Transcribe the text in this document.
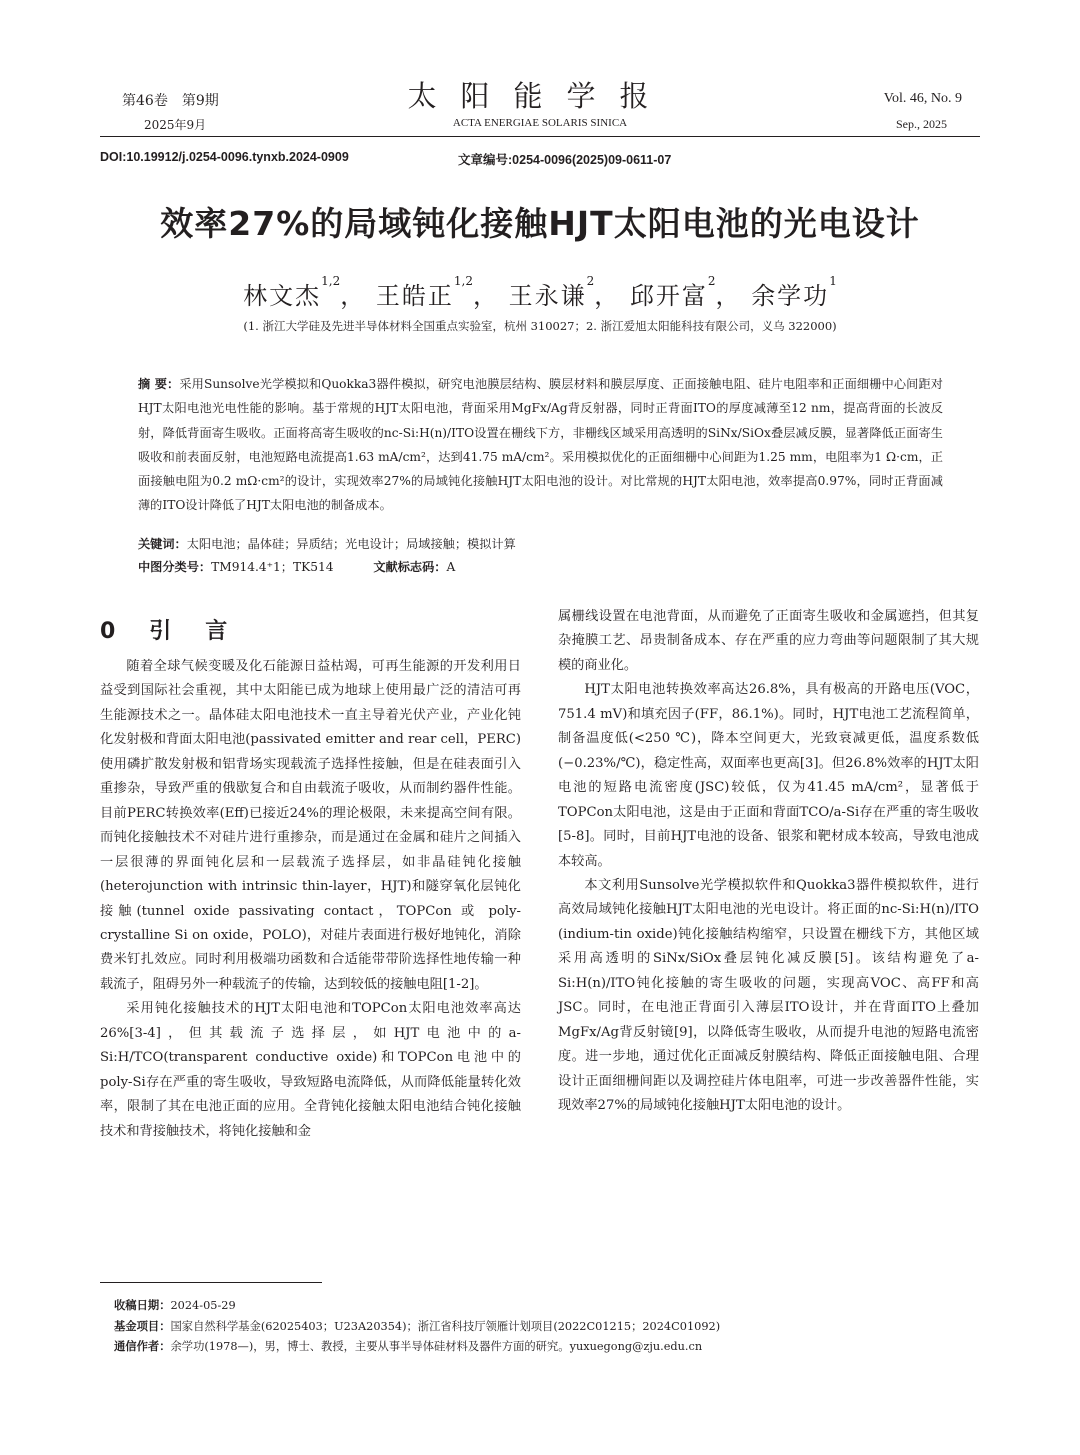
第46卷　第9期
2025年9月
太阳能学报
ACTA ENERGIAE SOLARIS SINICA
Vol. 46, No. 9
Sep., 2025
DOI:10.19912/j.0254-0096.tynxb.2024-0909	文章编号:0254-0096(2025)09-0611-07
效率27%的局域钝化接触HJT太阳电池的光电设计
林文杰$^{1,2}$， 王皓正$^{1,2}$， 王永谦$^2$， 邱开富$^2$， 余学功$^1$
(1. 浙江大学硅及先进半导体材料全国重点实验室，杭州 310027；2. 浙江爱旭太阳能科技有限公司，义乌 322000)
摘 要：采用Sunsolve光学模拟和Quokka3器件模拟，研究电池膜层结构、膜层材料和膜层厚度、正面接触电阻、硅片电阻率和正面细栅中心间距对HJT太阳电池光电性能的影响。基于常规的HJT太阳电池，背面采用MgFx/Ag背反射器，同时正背面ITO的厚度减薄至12 nm，提高背面的长波反射，降低背面寄生吸收。正面将高寄生吸收的nc-Si:H(n)/ITO设置在栅线下方，非栅线区域采用高透明的SiNx/SiOx叠层减反膜，显著降低正面寄生吸收和前表面反射，电池短路电流提高1.63 mA/cm²，达到41.75 mA/cm²。采用模拟优化的正面细栅中心间距为1.25 mm，电阻率为1 Ω·cm，正面接触电阻为0.2 mΩ·cm²的设计，实现效率27%的局域钝化接触HJT太阳电池的设计。对比常规的HJT太阳电池，效率提高0.97%，同时正背面减薄的ITO设计降低了HJT太阳电池的制备成本。
关键词：太阳电池；晶体硅；异质结；光电设计；局域接触；模拟计算
中图分类号：TM914.4⁺1；TK514	文献标志码：A
0　引　言

随着全球气候变暖及化石能源日益枯竭，可再生能源的开发利用日益受到国际社会重视，其中太阳能已成为地球上使用最广泛的清洁可再生能源技术之一。晶体硅太阳电池技术一直主导着光伏产业，产业化钝化发射极和背面太阳电池(passivated emitter and rear cell，PERC)使用磷扩散发射极和铝背场实现载流子选择性接触，但是在硅表面引入重掺杂，导致严重的俄歇复合和自由载流子吸收，从而制约器件性能。目前PERC转换效率(Eff)已接近24%的理论极限，未来提高空间有限。而钝化接触技术不对硅片进行重掺杂，而是通过在金属和硅片之间插入一层很薄的界面钝化层和一层载流子选择层，如非晶硅钝化接触(heterojunction with intrinsic thin-layer，HJT)和隧穿氧化层钝化接触(tunnel oxide passivating contact，TOPCon 或 poly-crystalline Si on oxide，POLO)，对硅片表面进行极好地钝化，消除费米钉扎效应。同时利用极端功函数和合适能带带阶选择性地传输一种载流子，阻碍另外一种载流子的传输，达到较低的接触电阻[1-2]。

采用钝化接触技术的HJT太阳电池和TOPCon太阳电池效率高达26%[3-4]，但其载流子选择层，如HJT电池中的a-Si:H/TCO(transparent conductive oxide)和TOPCon电池中的poly-Si存在严重的寄生吸收，导致短路电流降低，从而降低能量转化效率，限制了其在电池正面的应用。全背钝化接触太阳电池结合钝化接触技术和背接触技术，将钝化接触和金

属栅线设置在电池背面，从而避免了正面寄生吸收和金属遮挡，但其复杂掩膜工艺、昂贵制备成本、存在严重的应力弯曲等问题限制了其大规模的商业化。

HJT太阳电池转换效率高达26.8%，具有极高的开路电压(VOC，751.4 mV)和填充因子(FF，86.1%)。同时，HJT电池工艺流程简单，制备温度低(<250 ℃)，降本空间更大，光致衰减更低，温度系数低(−0.23%/℃)，稳定性高，双面率也更高[3]。但26.8%效率的HJT太阳电池的短路电流密度(JSC)较低，仅为41.45 mA/cm²，显著低于TOPCon太阳电池，这是由于正面和背面TCO/a-Si存在严重的寄生吸收[5-8]。同时，目前HJT电池的设备、银浆和靶材成本较高，导致电池成本较高。

本文利用Sunsolve光学模拟软件和Quokka3器件模拟软件，进行高效局域钝化接触HJT太阳电池的光电设计。将正面的nc-Si:H(n)/ITO (indium-tin oxide)钝化接触结构缩窄，只设置在栅线下方，其他区域采用高透明的SiNx/SiOx叠层钝化减反膜[5]。该结构避免了a-Si:H(n)/ITO钝化接触的寄生吸收的问题，实现高VOC、高FF和高JSC。同时，在电池正背面引入薄层ITO设计，并在背面ITO上叠加MgFx/Ag背反射镜[9]，以降低寄生吸收，从而提升电池的短路电流密度。进一步地，通过优化正面减反射膜结构、降低正面接触电阻、合理设计正面细栅间距以及调控硅片体电阻率，可进一步改善器件性能，实现效率27%的局域钝化接触HJT太阳电池的设计。

收稿日期：2024-05-29
基金项目：国家自然科学基金(62025403；U23A20354)；浙江省科技厅领雁计划项目(2022C01215；2024C01092)
通信作者：余学功(1978—)，男，博士、教授，主要从事半导体硅材料及器件方面的研究。yuxuegong@zju.edu.cn
